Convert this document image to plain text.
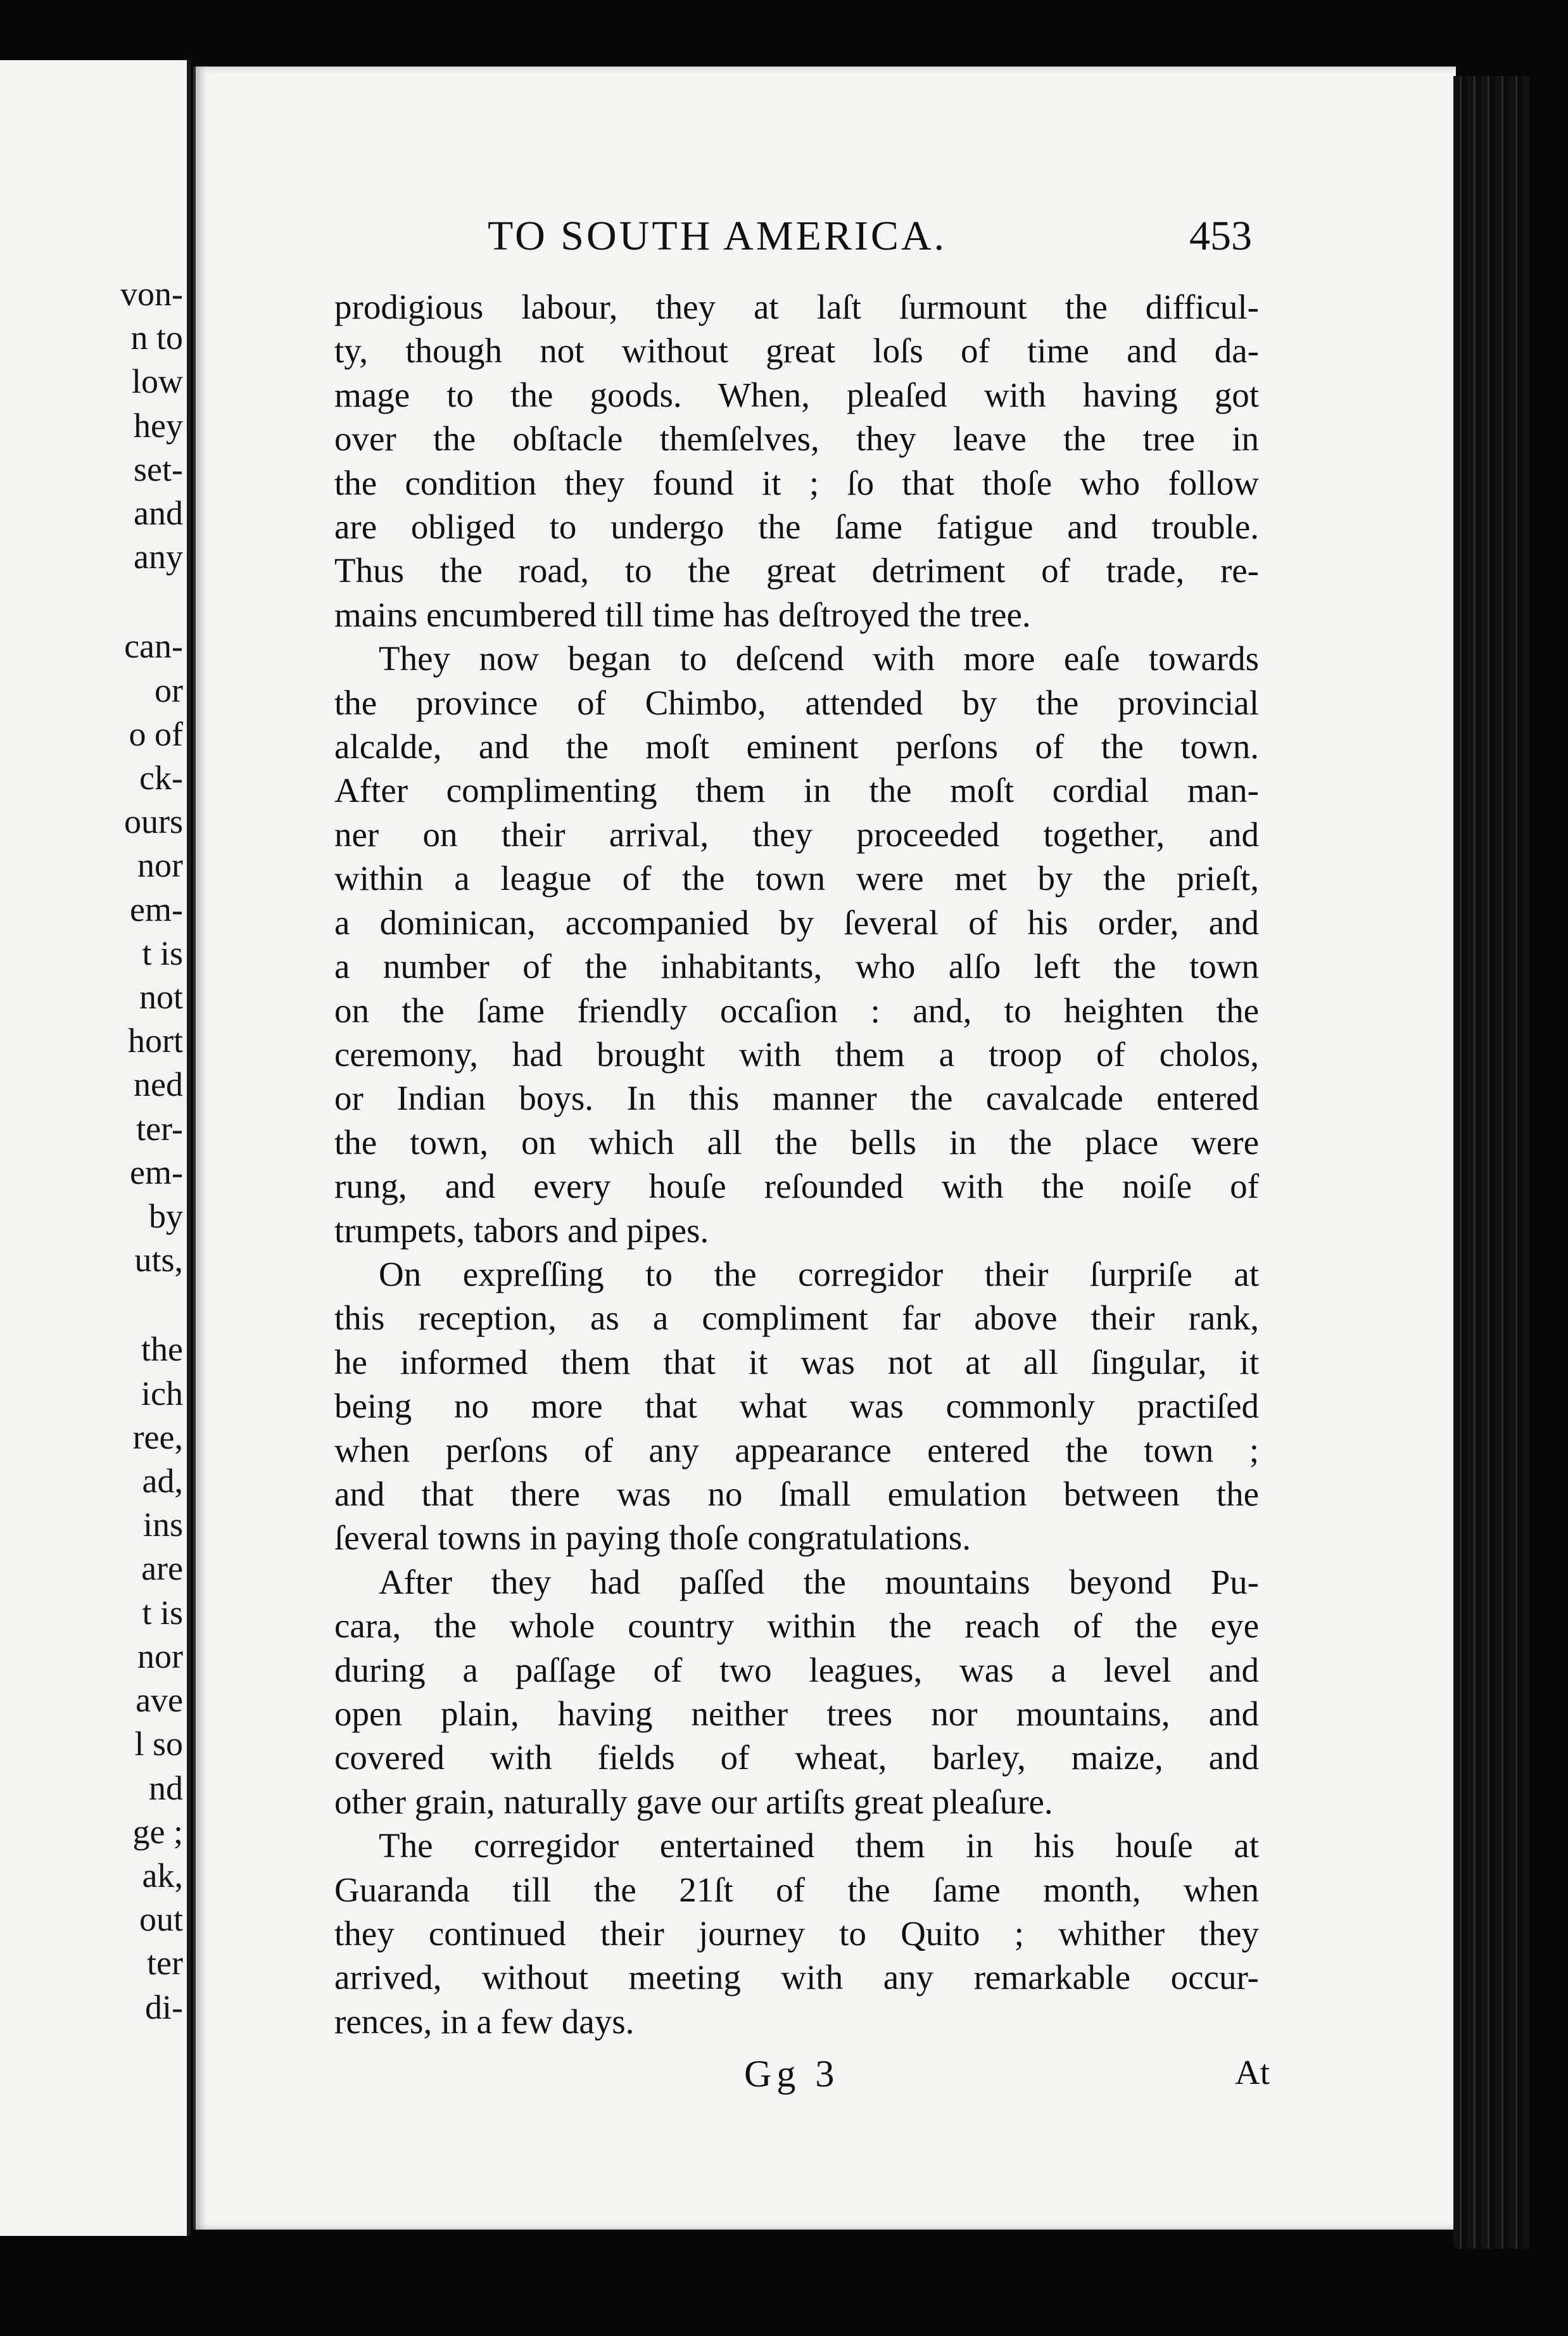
von-
n to
low
hey
set-
and
any
can-
or
o of
ck-
ours
nor
em-
t is
not
hort
ned
ter-
em-
by
uts,
the
ich
ree,
ad,
ins
are
t is
nor
ave
l so
nd
ge ;
ak,
out
ter
di-
TO SOUTH AMERICA.	453
prodigious labour, they at laſt ſurmount the difficul-
ty, though not without great loſs of time and da-
mage to the goods. When, pleaſed with having got
over the obſtacle themſelves, they leave the tree in
the condition they found it ; ſo that thoſe who follow
are obliged to undergo the ſame fatigue and trouble.
Thus the road, to the great detriment of trade, re-
mains encumbered till time has deſtroyed the tree.
They now began to deſcend with more eaſe towards
the province of Chimbo, attended by the provincial
alcalde, and the moſt eminent perſons of the town.
After complimenting them in the moſt cordial man-
ner on their arrival, they proceeded together, and
within a league of the town were met by the prieſt,
a dominican, accompanied by ſeveral of his order, and
a number of the inhabitants, who alſo left the town
on the ſame friendly occaſion : and, to heighten the
ceremony, had brought with them a troop of cholos,
or Indian boys. In this manner the cavalcade entered
the town, on which all the bells in the place were
rung, and every houſe reſounded with the noiſe of
trumpets, tabors and pipes.
On expreſſing to the corregidor their ſurpriſe at
this reception, as a compliment far above their rank,
he informed them that it was not at all ſingular, it
being no more that what was commonly practiſed
when perſons of any appearance entered the town ;
and that there was no ſmall emulation between the
ſeveral towns in paying thoſe congratulations.
After they had paſſed the mountains beyond Pu-
cara, the whole country within the reach of the eye
during a paſſage of two leagues, was a level and
open plain, having neither trees nor mountains, and
covered with fields of wheat, barley, maize, and
other grain, naturally gave our artiſts great pleaſure.
The corregidor entertained them in his houſe at
Guaranda till the 21ſt of the ſame month, when
they continued their journey to Quito ; whither they
arrived, without meeting with any remarkable occur-
rences, in a few days.
Gg 3	At
